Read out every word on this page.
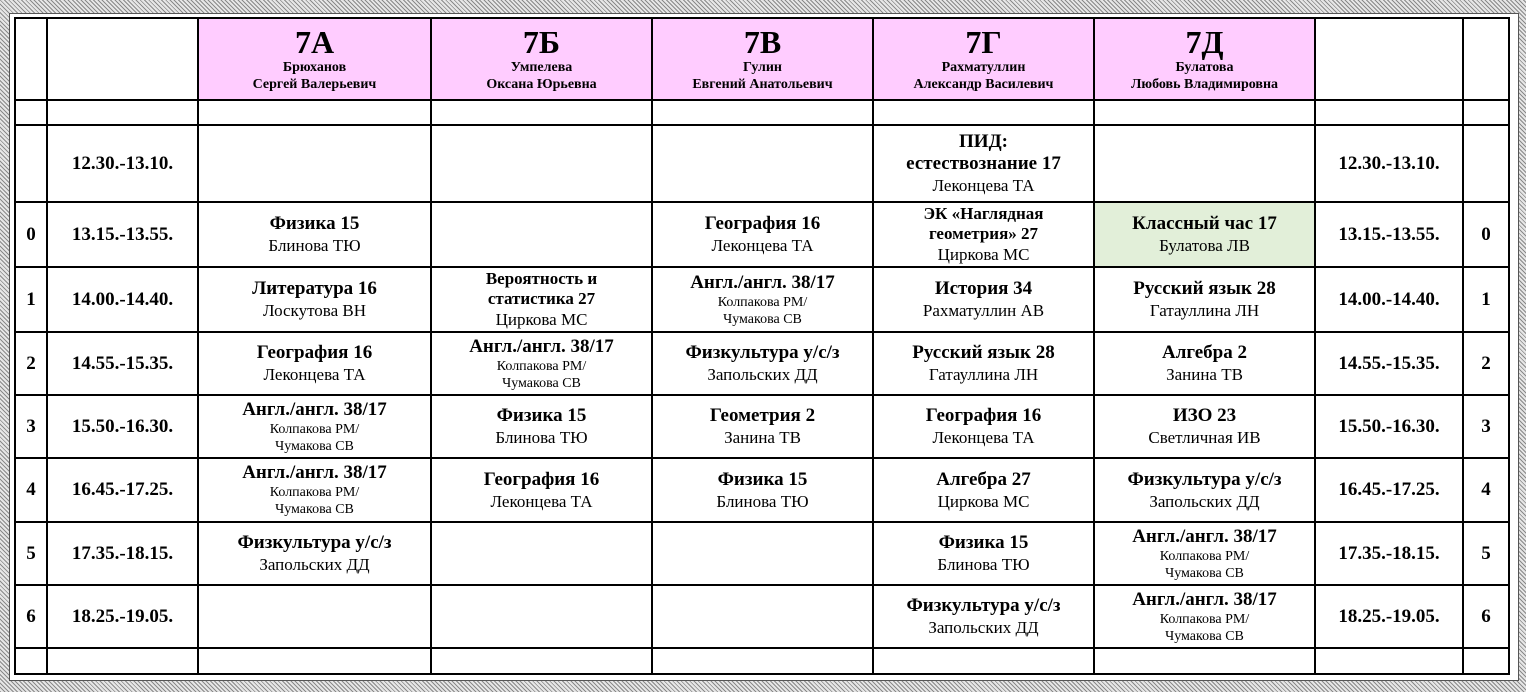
		7А
Брюханов
Сергей Валерьевич	7Б
Умпелева
Оксана Юрьевна	7В
Гулин
Евгений Анатольевич	7Г
Рахматуллин
Александр Василевич	7Д
Булатова
Любовь Владимировна		

	12.30.-13.10.				ПИД:
естествознание 17
Леконцева ТА		12.30.-13.10.	
0	13.15.-13.55.	Физика 15
Блинова ТЮ		География 16
Леконцева ТА	ЭК «Наглядная
геометрия» 27
Циркова МС	Классный час 17
Булатова ЛВ	13.15.-13.55.	0
1	14.00.-14.40.	Литература 16
Лоскутова ВН	Вероятность и
статистика 27
Циркова МС	Англ./англ. 38/17
Колпакова РМ/
Чумакова СВ	История 34
Рахматуллин АВ	Русский язык 28
Гатауллина ЛН	14.00.-14.40.	1
2	14.55.-15.35.	География 16
Леконцева ТА	Англ./англ. 38/17
Колпакова РМ/
Чумакова СВ	Физкультура у/с/з
Запольских ДД	Русский язык 28
Гатауллина ЛН	Алгебра 2
Занина ТВ	14.55.-15.35.	2
3	15.50.-16.30.	Англ./англ. 38/17
Колпакова РМ/
Чумакова СВ	Физика 15
Блинова ТЮ	Геометрия 2
Занина ТВ	География 16
Леконцева ТА	ИЗО 23
Светличная ИВ	15.50.-16.30.	3
4	16.45.-17.25.	Англ./англ. 38/17
Колпакова РМ/
Чумакова СВ	География 16
Леконцева ТА	Физика 15
Блинова ТЮ	Алгебра 27
Циркова МС	Физкультура у/с/з
Запольских ДД	16.45.-17.25.	4
5	17.35.-18.15.	Физкультура у/с/з
Запольских ДД			Физика 15
Блинова ТЮ	Англ./англ. 38/17
Колпакова РМ/
Чумакова СВ	17.35.-18.15.	5
6	18.25.-19.05.				Физкультура у/с/з
Запольских ДД	Англ./англ. 38/17
Колпакова РМ/
Чумакова СВ	18.25.-19.05.	6
